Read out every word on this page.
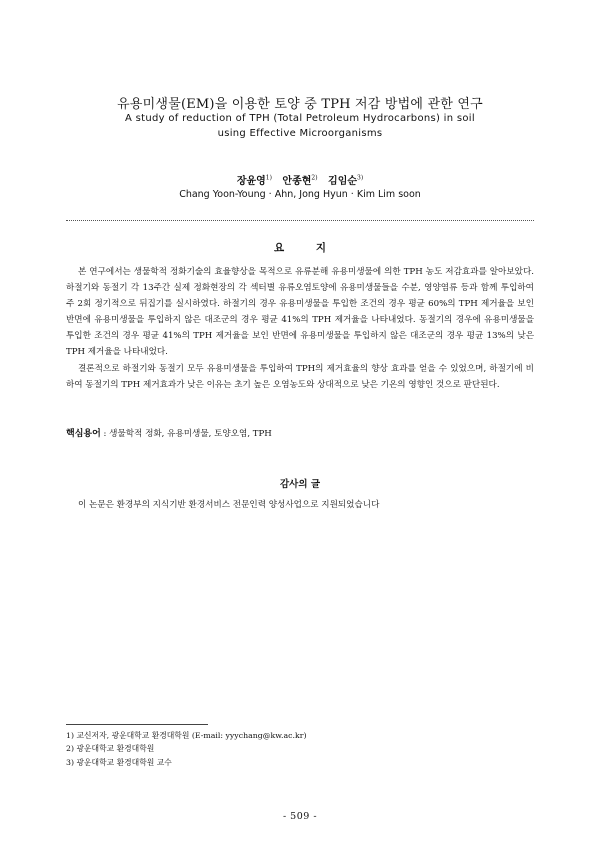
유용미생물(EM)을 이용한 토양 중 TPH 저감 방법에 관한 연구
A study of reduction of TPH (Total Petroleum Hydrocarbons) in soil
using Effective Microorganisms
장윤영$^{1)}$ 안종현$^{2)}$ 김임순$^{3)}$
Chang Yoon-Young · Ahn, Jong Hyun · Kim Lim soon
요 지

본 연구에서는 생물학적 정화기술의 효율향상을 목적으로 유류분해 유용미생물에 의한 TPH 농도 저감효과를 알아보았다. 하절기와 동절기 각 13주간 실제 정화현장의 각 섹터별 유류오염토양에 유용미생물들을 수분, 영양염류 등과 함께 투입하여 주 2회 정기적으로 뒤집기를 실시하였다. 하절기의 경우 유용미생물을 투입한 조건의 경우 평균 60%의 TPH 제거율을 보인 반면에 유용미생물을 투입하지 않은 대조군의 경우 평균 41%의 TPH 제거율을 나타내었다. 동절기의 경우에 유용미생물을 투입한 조건의 경우 평균 41%의 TPH 제거율을 보인 반면에 유용미생물을 투입하지 않은 대조군의 경우 평균 13%의 낮은 TPH 제거율을 나타내었다.

결론적으로 하절기와 동절기 모두 유용미생물을 투입하여 TPH의 제거효율의 향상 효과를 얻을 수 있었으며, 하절기에 비하여 동절기의 TPH 제거효과가 낮은 이유는 초기 높은 오염농도와 상대적으로 낮은 기온의 영향인 것으로 판단된다.

핵심용어 : 생물학적 정화, 유용미생물, 토양오염, TPH
감사의 글
이 논문은 환경부의 지식기반 환경서비스 전문인력 양성사업으로 지원되었습니다
1) 교신저자, 광운대학교 환경대학원 (E-mail: yyychang@kw.ac.kr)
2) 광운대학교 환경대학원
3) 광운대학교 환경대학원 교수
- 509 -
